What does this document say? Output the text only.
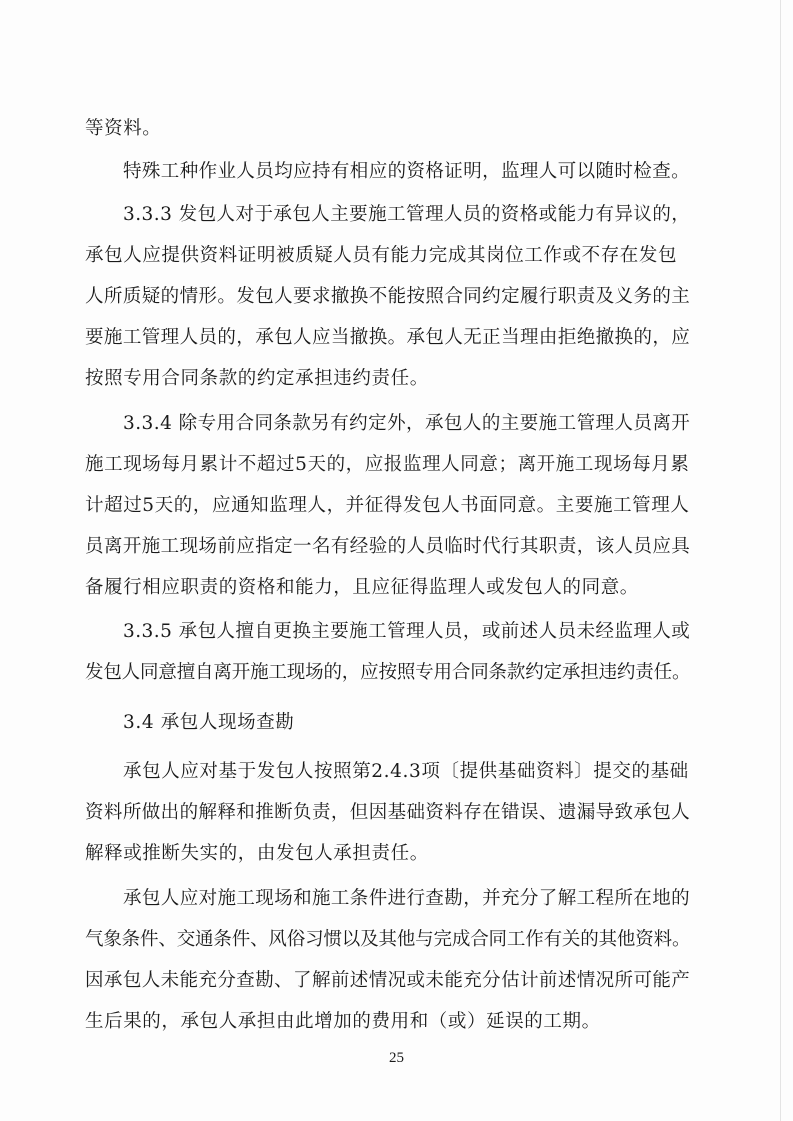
等资料。
特殊工种作业人员均应持有相应的资格证明，监理人可以随时检查。
3.3.3 发包人对于承包人主要施工管理人员的资格或能力有异议的，
承包人应提供资料证明被质疑人员有能力完成其岗位工作或不存在发包
人所质疑的情形。发包人要求撤换不能按照合同约定履行职责及义务的主
要施工管理人员的，承包人应当撤换。承包人无正当理由拒绝撤换的，应
按照专用合同条款的约定承担违约责任。
3.3.4 除专用合同条款另有约定外，承包人的主要施工管理人员离开
施工现场每月累计不超过5天的，应报监理人同意；离开施工现场每月累
计超过5天的，应通知监理人，并征得发包人书面同意。主要施工管理人
员离开施工现场前应指定一名有经验的人员临时代行其职责，该人员应具
备履行相应职责的资格和能力，且应征得监理人或发包人的同意。
3.3.5 承包人擅自更换主要施工管理人员，或前述人员未经监理人或
发包人同意擅自离开施工现场的，应按照专用合同条款约定承担违约责任。
3.4 承包人现场查勘
承包人应对基于发包人按照第2.4.3项〔提供基础资料〕提交的基础
资料所做出的解释和推断负责，但因基础资料存在错误、遗漏导致承包人
解释或推断失实的，由发包人承担责任。
承包人应对施工现场和施工条件进行查勘，并充分了解工程所在地的
气象条件、交通条件、风俗习惯以及其他与完成合同工作有关的其他资料。
因承包人未能充分查勘、了解前述情况或未能充分估计前述情况所可能产
生后果的，承包人承担由此增加的费用和（或）延误的工期。
25
